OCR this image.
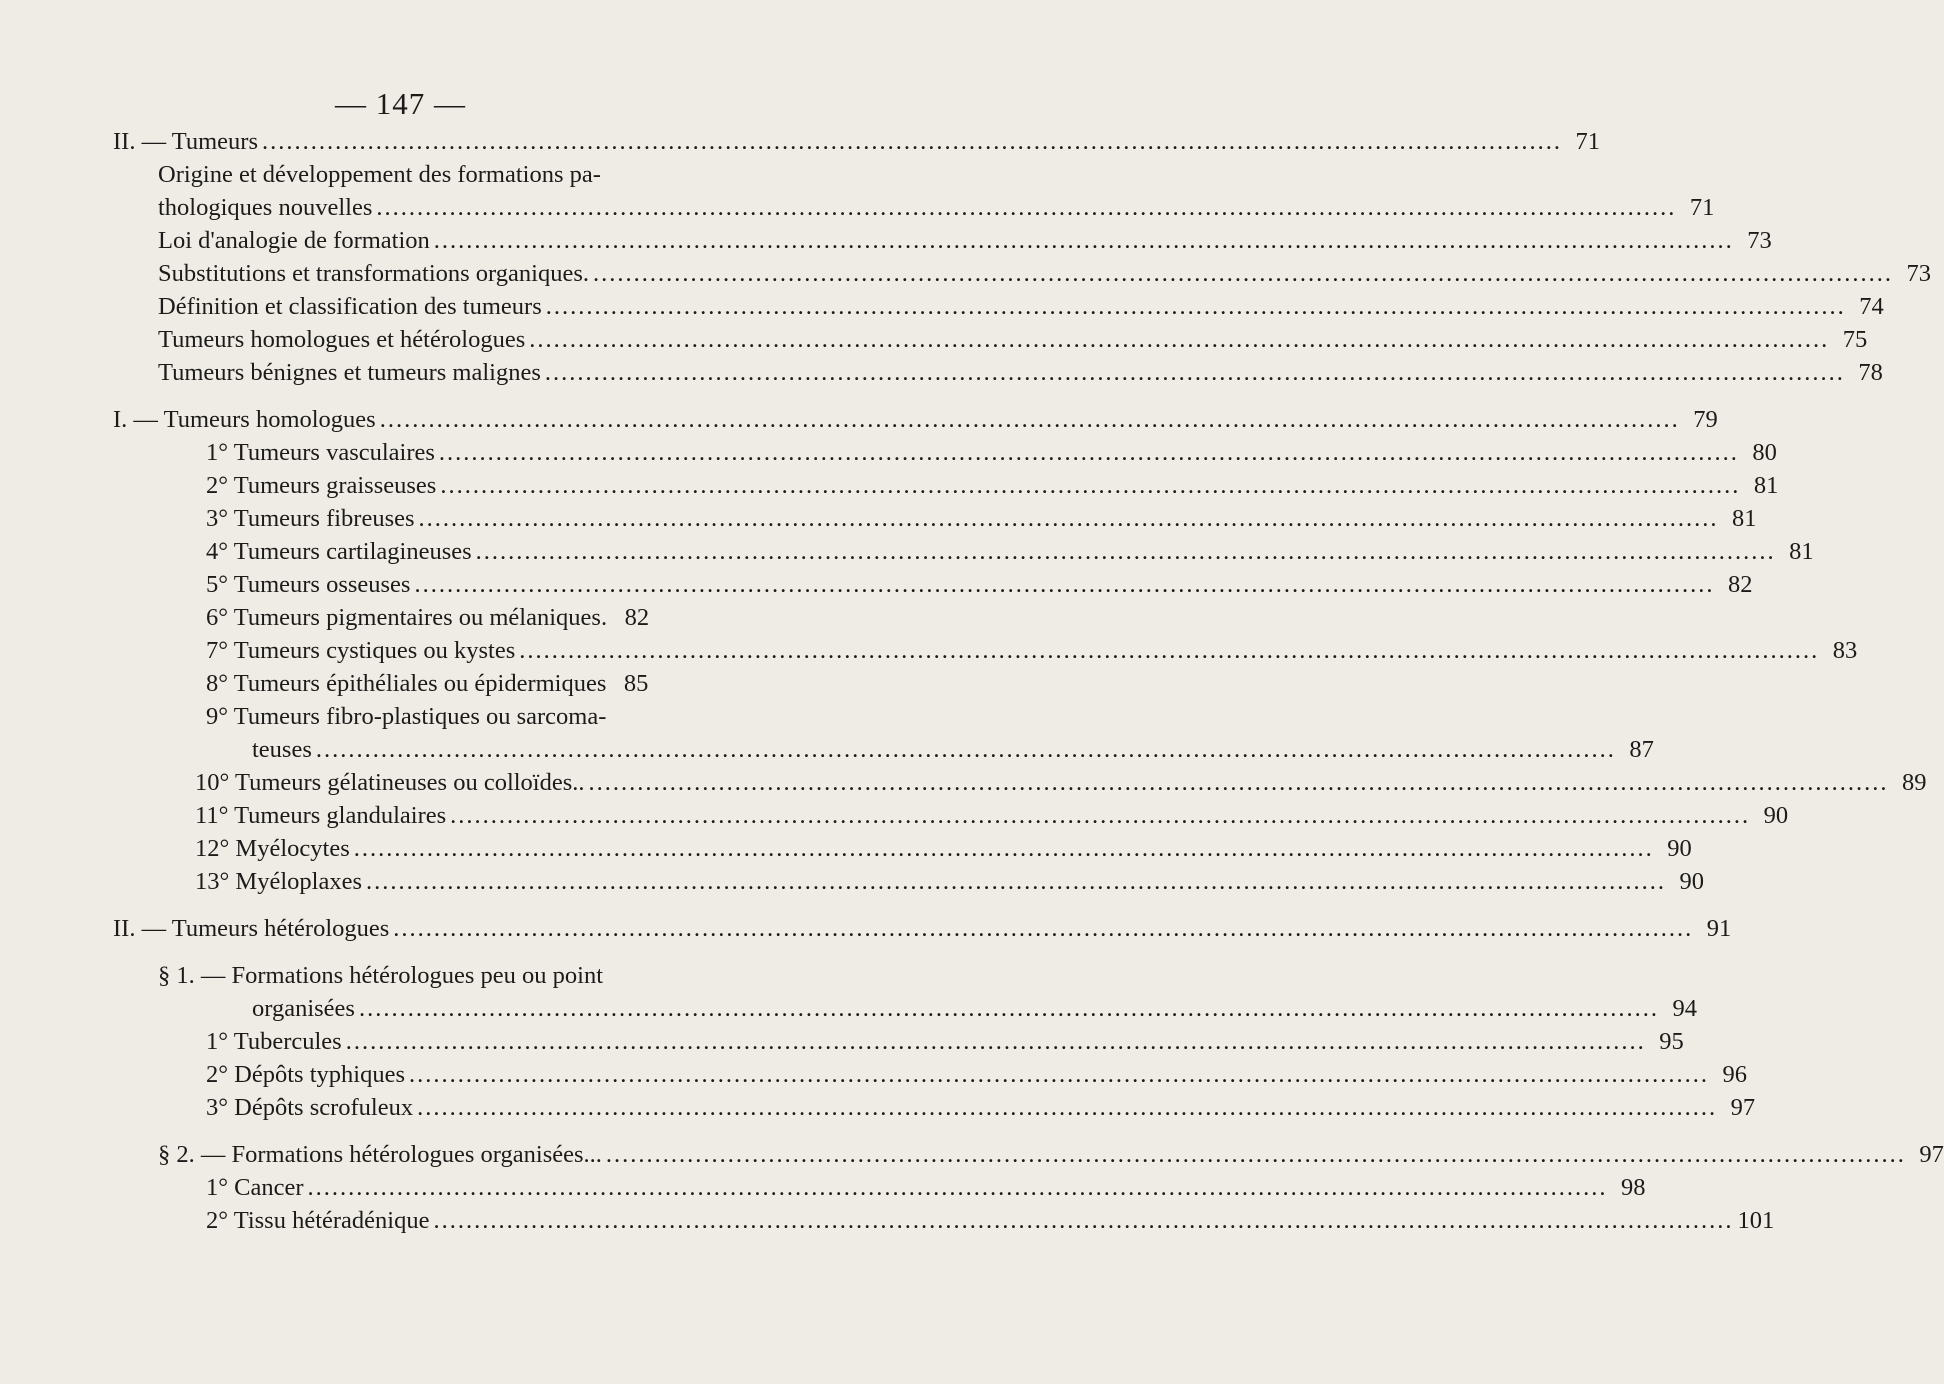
— 147 —
II. — Tumeurs .....	71
Origine et développement des formations pa-
thologiques nouvelles .....	71
Loi d'analogie de formation .....	73
Substitutions et transformations organiques. .....	73
Définition et classification des tumeurs .....	74
Tumeurs homologues et hétérologues .....	75
Tumeurs bénignes et tumeurs malignes .....	78
I. — Tumeurs homologues .....	79
1° Tumeurs vasculaires .....	80
2° Tumeurs graisseuses .....	81
3° Tumeurs fibreuses .....	81
4° Tumeurs cartilagineuses .....	81
5° Tumeurs osseuses .....	82
6° Tumeurs pigmentaires ou mélaniques. 82
7° Tumeurs cystiques ou kystes .....	83
8° Tumeurs épithéliales ou épidermiques 85
9° Tumeurs fibro-plastiques ou sarcoma-
teuses .....	87
10° Tumeurs gélatineuses ou colloïdes.. .....	89
11° Tumeurs glandulaires .....	90
12° Myélocytes .....	90
13° Myéloplaxes .....	90
II. — Tumeurs hétérologues .....	91
§ 1. — Formations hétérologues peu ou point
organisées .....	94
1° Tubercules .....	95
2° Dépôts typhiques .....	96
3° Dépôts scrofuleux .....	97
§ 2. — Formations hétérologues organisées... .....	97
1° Cancer .....	98
2° Tissu hétéradénique .....	101
